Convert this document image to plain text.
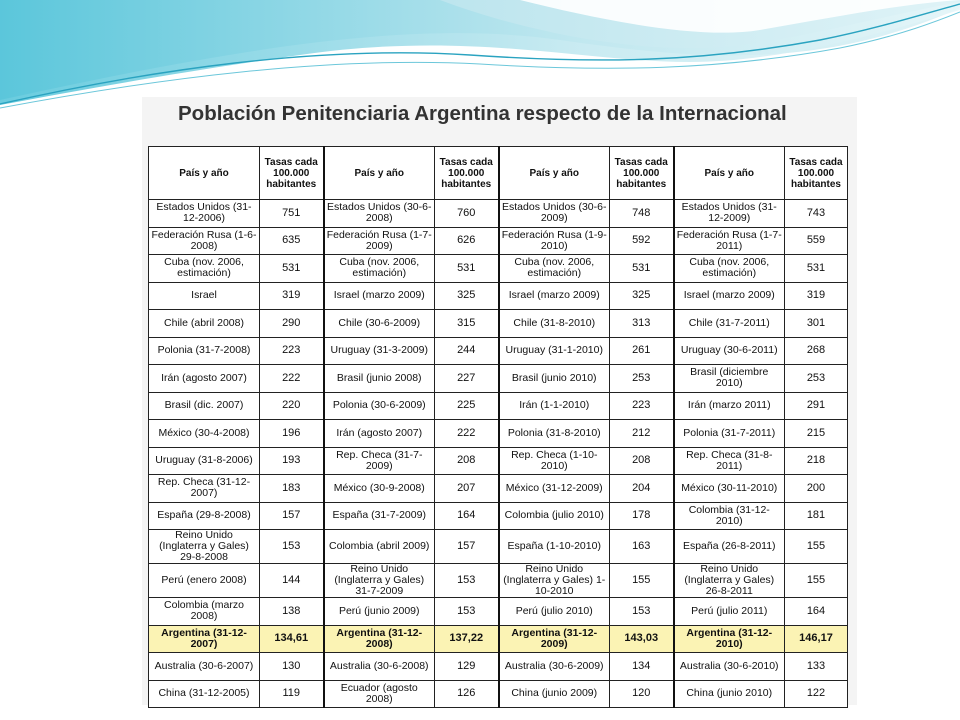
Población Penitenciaria Argentina respecto de la Internacional
País y año	Tasas cada 100.000 habitantes	País y año	Tasas cada 100.000 habitantes	País y año	Tasas cada 100.000 habitantes	País y año	Tasas cada 100.000 habitantes
Estados Unidos (31-12-2006)	751	Estados Unidos (30-6-2008)	760	Estados Unidos (30-6-2009)	748	Estados Unidos (31-12-2009)	743
Federación Rusa (1-6-2008)	635	Federación Rusa (1-7-2009)	626	Federación Rusa (1-9-2010)	592	Federación Rusa (1-7-2011)	559
Cuba (nov. 2006, estimación)	531	Cuba (nov. 2006, estimación)	531	Cuba (nov. 2006, estimación)	531	Cuba (nov. 2006, estimación)	531
Israel	319	Israel (marzo 2009)	325	Israel (marzo 2009)	325	Israel (marzo 2009)	319
Chile (abril 2008)	290	Chile (30-6-2009)	315	Chile (31-8-2010)	313	Chile (31-7-2011)	301
Polonia (31-7-2008)	223	Uruguay (31-3-2009)	244	Uruguay (31-1-2010)	261	Uruguay (30-6-2011)	268
Irán (agosto 2007)	222	Brasil (junio 2008)	227	Brasil (junio 2010)	253	Brasil (diciembre 2010)	253
Brasil (dic. 2007)	220	Polonia (30-6-2009)	225	Irán (1-1-2010)	223	Irán (marzo 2011)	291
México (30-4-2008)	196	Irán (agosto 2007)	222	Polonia (31-8-2010)	212	Polonia (31-7-2011)	215
Uruguay (31-8-2006)	193	Rep. Checa (31-7-2009)	208	Rep. Checa (1-10-2010)	208	Rep. Checa (31-8-2011)	218
Rep. Checa (31-12-2007)	183	México (30-9-2008)	207	México (31-12-2009)	204	México (30-11-2010)	200
España (29-8-2008)	157	España (31-7-2009)	164	Colombia (julio 2010)	178	Colombia (31-12-2010)	181
Reino Unido (Inglaterra y Gales) 29-8-2008	153	Colombia (abril 2009)	157	España (1-10-2010)	163	España (26-8-2011)	155
Perú (enero 2008)	144	Reino Unido (Inglaterra y Gales) 31-7-2009	153	Reino Unido (Inglaterra y Gales) 1-10-2010	155	Reino Unido (Inglaterra y Gales) 26-8-2011	155
Colombia (marzo 2008)	138	Perú (junio 2009)	153	Perú (julio 2010)	153	Perú (julio 2011)	164
Argentina (31-12-2007)	134,61	Argentina (31-12-2008)	137,22	Argentina (31-12-2009)	143,03	Argentina (31-12-2010)	146,17
Australia (30-6-2007)	130	Australia (30-6-2008)	129	Australia (30-6-2009)	134	Australia (30-6-2010)	133
China (31-12-2005)	119	Ecuador (agosto 2008)	126	China (junio 2009)	120	China (junio 2010)	122
